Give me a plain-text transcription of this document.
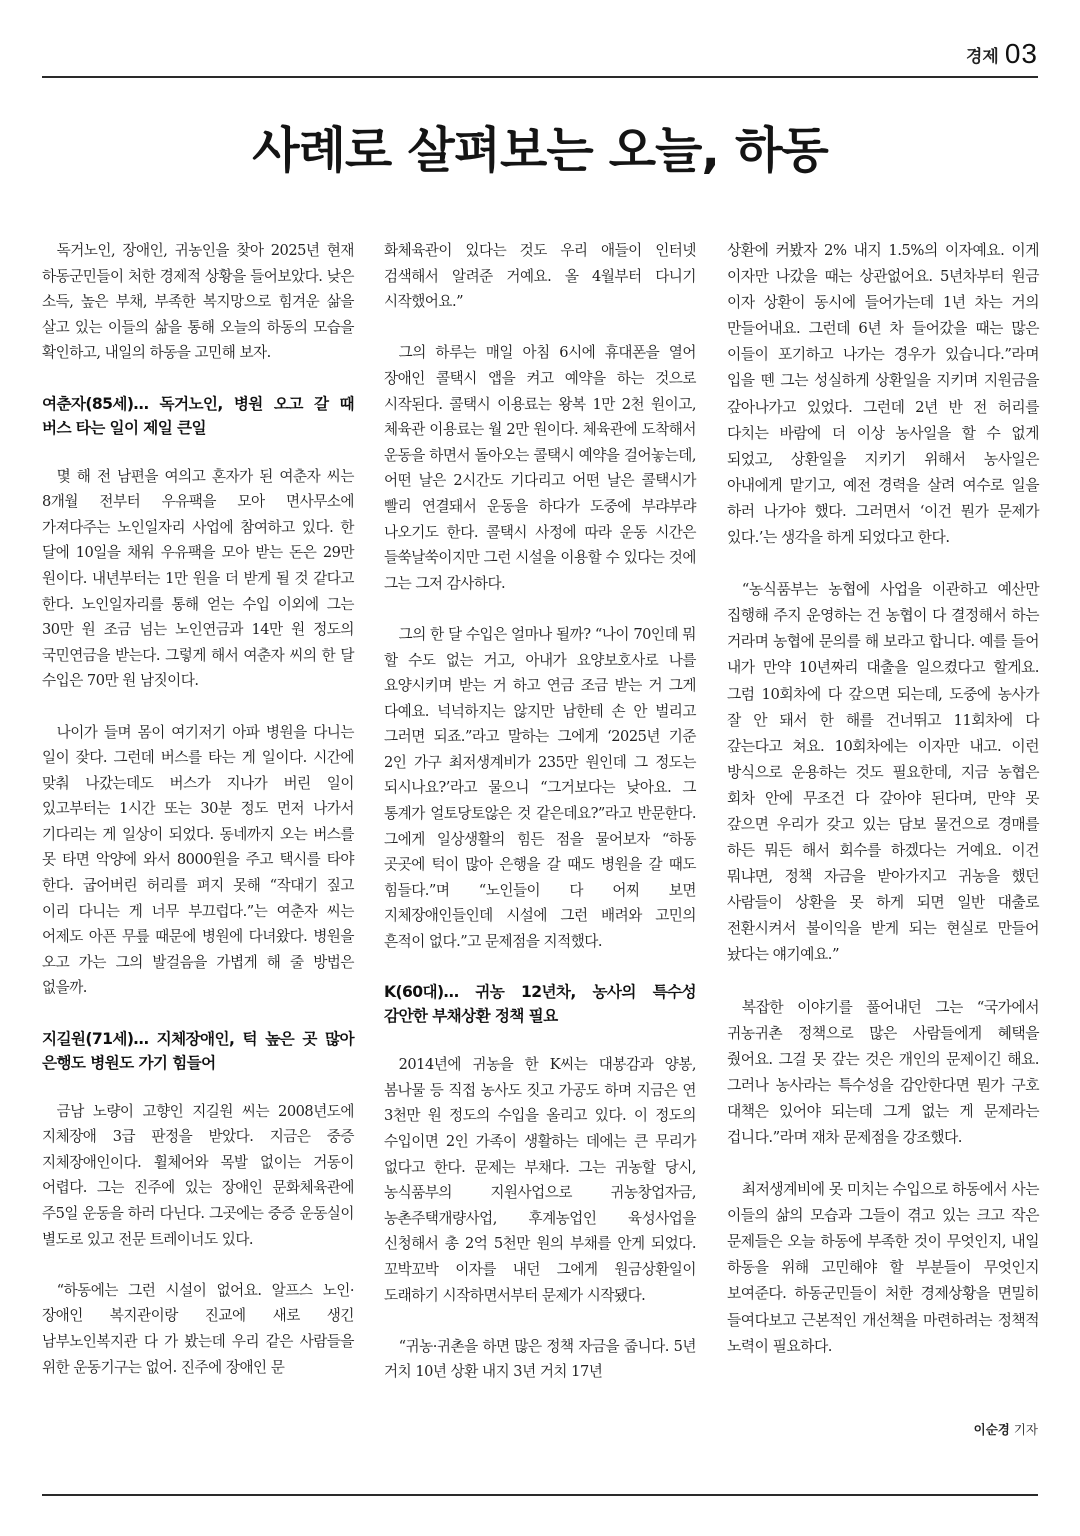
경제 03
사례로 살펴보는 오늘, 하동

독거노인, 장애인, 귀농인을 찾아 2025년 현재 하동군민들이 처한 경제적 상황을 들어보았다. 낮은 소득, 높은 부채, 부족한 복지망으로 힘겨운 삶을 살고 있는 이들의 삶을 통해 오늘의 하동의 모습을 확인하고, 내일의 하동을 고민해 보자.

여춘자(85세)… 독거노인, 병원 오고 갈 때 버스 타는 일이 제일 큰일

몇 해 전 남편을 여의고 혼자가 된 여춘자 씨는 8개월 전부터 우유팩을 모아 면사무소에 가져다주는 노인일자리 사업에 참여하고 있다. 한 달에 10일을 채워 우유팩을 모아 받는 돈은 29만 원이다. 내년부터는 1만 원을 더 받게 될 것 같다고 한다. 노인일자리를 통해 얻는 수입 이외에 그는 30만 원 조금 넘는 노인연금과 14만 원 정도의 국민연금을 받는다. 그렇게 해서 여춘자 씨의 한 달 수입은 70만 원 남짓이다.

나이가 들며 몸이 여기저기 아파 병원을 다니는 일이 잦다. 그런데 버스를 타는 게 일이다. 시간에 맞춰 나갔는데도 버스가 지나가 버린 일이 있고부터는 1시간 또는 30분 정도 먼저 나가서 기다리는 게 일상이 되었다. 동네까지 오는 버스를 못 타면 악양에 와서 8000원을 주고 택시를 타야 한다. 굽어버린 허리를 펴지 못해 “작대기 짚고 이리 다니는 게 너무 부끄럽다.”는 여춘자 씨는 어제도 아픈 무릎 때문에 병원에 다녀왔다. 병원을 오고 가는 그의 발걸음을 가볍게 해 줄 방법은 없을까.

지길원(71세)… 지체장애인, 턱 높은 곳 많아 은행도 병원도 가기 힘들어

금남 노량이 고향인 지길원 씨는 2008년도에 지체장애 3급 판정을 받았다. 지금은 중증 지체장애인이다. 휠체어와 목발 없이는 거동이 어렵다. 그는 진주에 있는 장애인 문화체육관에 주5일 운동을 하러 다닌다. 그곳에는 중증 운동실이 별도로 있고 전문 트레이너도 있다.

“하동에는 그런 시설이 없어요. 알프스 노인·장애인 복지관이랑 진교에 새로 생긴 남부노인복지관 다 가 봤는데 우리 같은 사람들을 위한 운동기구는 없어. 진주에 장애인 문

화체육관이 있다는 것도 우리 애들이 인터넷 검색해서 알려준 거예요. 올 4월부터 다니기 시작했어요.”

그의 하루는 매일 아침 6시에 휴대폰을 열어 장애인 콜택시 앱을 켜고 예약을 하는 것으로 시작된다. 콜택시 이용료는 왕복 1만 2천 원이고, 체육관 이용료는 월 2만 원이다. 체육관에 도착해서 운동을 하면서 돌아오는 콜택시 예약을 걸어놓는데, 어떤 날은 2시간도 기다리고 어떤 날은 콜택시가 빨리 연결돼서 운동을 하다가 도중에 부랴부랴 나오기도 한다. 콜택시 사정에 따라 운동 시간은 들쑥날쑥이지만 그런 시설을 이용할 수 있다는 것에 그는 그저 감사하다.

그의 한 달 수입은 얼마나 될까? “나이 70인데 뭐 할 수도 없는 거고, 아내가 요양보호사로 나를 요양시키며 받는 거 하고 연금 조금 받는 거 그게 다예요. 넉넉하지는 않지만 남한테 손 안 벌리고 그러면 되죠.”라고 말하는 그에게 ‘2025년 기준 2인 가구 최저생계비가 235만 원인데 그 정도는 되시나요?’라고 물으니 “그거보다는 낮아요. 그 통계가 얼토당토않은 것 같은데요?”라고 반문한다. 그에게 일상생활의 힘든 점을 물어보자 “하동 곳곳에 턱이 많아 은행을 갈 때도 병원을 갈 때도 힘들다.”며 “노인들이 다 어찌 보면 지체장애인들인데 시설에 그런 배려와 고민의 흔적이 없다.”고 문제점을 지적했다.

K(60대)… 귀농 12년차, 농사의 특수성 감안한 부채상환 정책 필요

2014년에 귀농을 한 K씨는 대봉감과 양봉, 봄나물 등 직접 농사도 짓고 가공도 하며 지금은 연 3천만 원 정도의 수입을 올리고 있다. 이 정도의 수입이면 2인 가족이 생활하는 데에는 큰 무리가 없다고 한다. 문제는 부채다. 그는 귀농할 당시, 농식품부의 지원사업으로 귀농창업자금, 농촌주택개량사업, 후계농업인 육성사업을 신청해서 총 2억 5천만 원의 부채를 안게 되었다. 꼬박꼬박 이자를 내던 그에게 원금상환일이 도래하기 시작하면서부터 문제가 시작됐다.

“귀농·귀촌을 하면 많은 정책 자금을 줍니다. 5년 거치 10년 상환 내지 3년 거치 17년

상환에 커봤자 2% 내지 1.5%의 이자예요. 이게 이자만 나갔을 때는 상관없어요. 5년차부터 원금 이자 상환이 동시에 들어가는데 1년 차는 거의 만들어내요. 그런데 6년 차 들어갔을 때는 많은 이들이 포기하고 나가는 경우가 있습니다.”라며 입을 뗀 그는 성실하게 상환일을 지키며 지원금을 갚아나가고 있었다. 그런데 2년 반 전 허리를 다치는 바람에 더 이상 농사일을 할 수 없게 되었고, 상환일을 지키기 위해서 농사일은 아내에게 맡기고, 예전 경력을 살려 여수로 일을 하러 나가야 했다. 그러면서 ‘이건 뭔가 문제가 있다.’는 생각을 하게 되었다고 한다.

“농식품부는 농협에 사업을 이관하고 예산만 집행해 주지 운영하는 건 농협이 다 결정해서 하는 거라며 농협에 문의를 해 보라고 합니다. 예를 들어 내가 만약 10년짜리 대출을 일으켰다고 할게요. 그럼 10회차에 다 갚으면 되는데, 도중에 농사가 잘 안 돼서 한 해를 건너뛰고 11회차에 다 갚는다고 쳐요. 10회차에는 이자만 내고. 이런 방식으로 운용하는 것도 필요한데, 지금 농협은 회차 안에 무조건 다 갚아야 된다며, 만약 못 갚으면 우리가 갖고 있는 담보 물건으로 경매를 하든 뭐든 해서 회수를 하겠다는 거예요. 이건 뭐냐면, 정책 자금을 받아가지고 귀농을 했던 사람들이 상환을 못 하게 되면 일반 대출로 전환시켜서 불이익을 받게 되는 현실로 만들어 놨다는 얘기예요.”

복잡한 이야기를 풀어내던 그는 “국가에서 귀농귀촌 정책으로 많은 사람들에게 혜택을 줬어요. 그걸 못 갚는 것은 개인의 문제이긴 해요. 그러나 농사라는 특수성을 감안한다면 뭔가 구호 대책은 있어야 되는데 그게 없는 게 문제라는 겁니다.”라며 재차 문제점을 강조했다.

최저생계비에 못 미치는 수입으로 하동에서 사는 이들의 삶의 모습과 그들이 겪고 있는 크고 작은 문제들은 오늘 하동에 부족한 것이 무엇인지, 내일 하동을 위해 고민해야 할 부분들이 무엇인지 보여준다. 하동군민들이 처한 경제상황을 면밀히 들여다보고 근본적인 개선책을 마련하려는 정책적 노력이 필요하다.

이순경 기자
